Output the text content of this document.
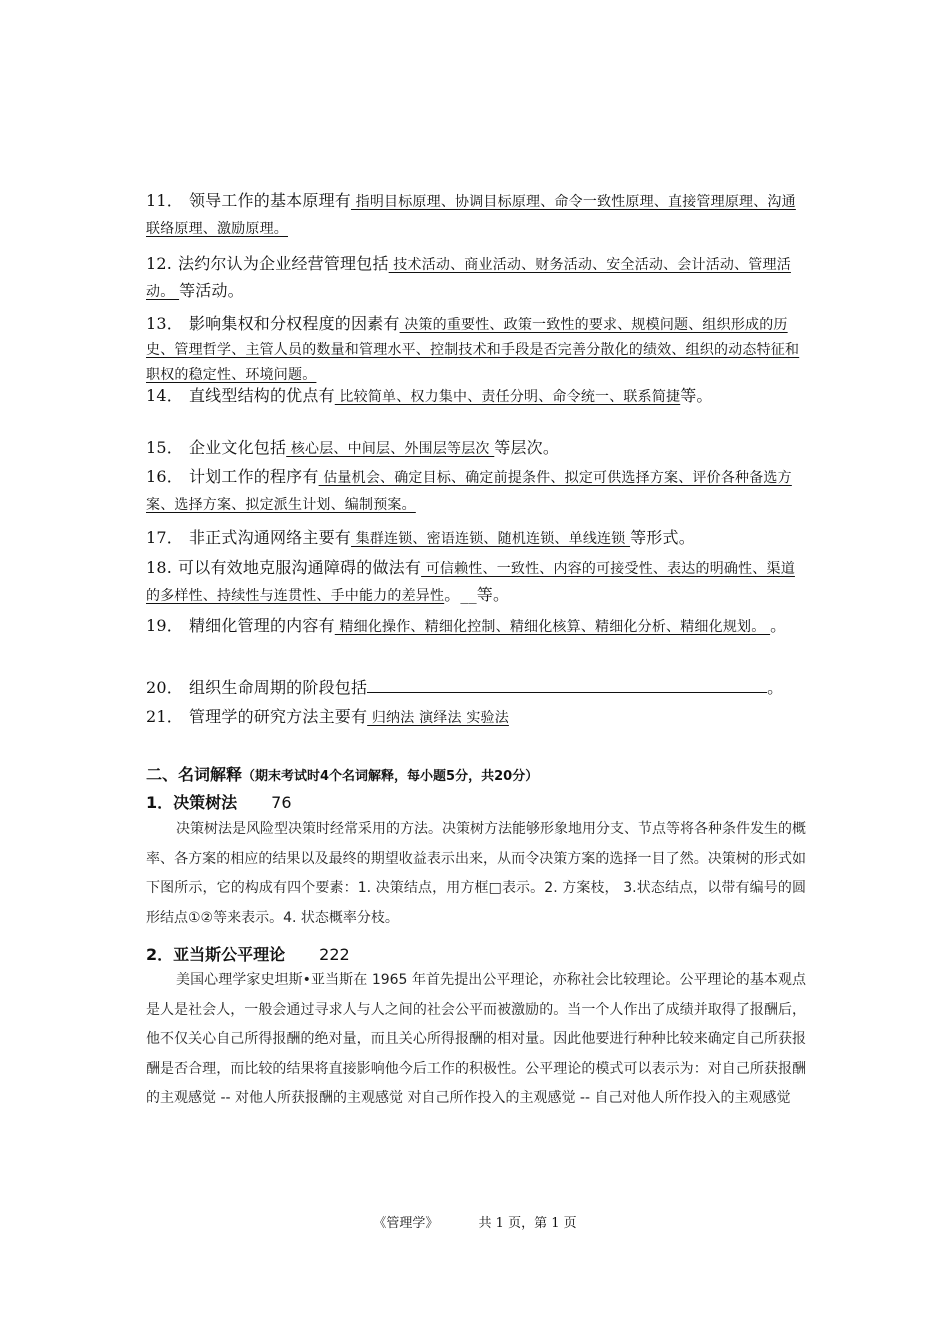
11． 领导工作的基本原理有 指明目标原理、协调目标原理、命令一致性原理、直接管理原理、沟通联络原理、激励原理。
12. 法约尔认为企业经营管理包括 技术活动、商业活动、财务活动、安全活动、会计活动、管理活动。 等活动。
13． 影响集权和分权程度的因素有 决策的重要性、政策一致性的要求、规模问题、组织形成的历史、管理哲学、主管人员的数量和管理水平、控制技术和手段是否完善分散化的绩效、组织的动态特征和职权的稳定性、环境问题。
14． 直线型结构的优点有 比较简单、权力集中、责任分明、命令统一、联系简捷等。
15． 企业文化包括 核心层、中间层、外围层等层次 等层次。
16． 计划工作的程序有 估量机会、确定目标、确定前提条件、拟定可供选择方案、评价各种备选方案、选择方案、拟定派生计划、编制预案。
17． 非正式沟通网络主要有 集群连锁、密语连锁、随机连锁、单线连锁 等形式。
18. 可以有效地克服沟通障碍的做法有 可信赖性、一致性、内容的可接受性、表达的明确性、渠道的多样性、持续性与连贯性、手中能力的差异性。__等。
19． 精细化管理的内容有 精细化操作、精细化控制、精细化核算、精细化分析、精细化规划。 。
20． 组织生命周期的阶段包括	。
21． 管理学的研究方法主要有 归纳法 演绎法 实验法
二、名词解释（期末考试时4个名词解释，每小题5分，共20分）
1．决策树法 76
决策树法是风险型决策时经常采用的方法。决策树方法能够形象地用分支、节点等将各种条件发生的概率、各方案的相应的结果以及最终的期望收益表示出来，从而令决策方案的选择一目了然。决策树的形式如下图所示，它的构成有四个要素：1. 决策结点，用方框□表示。2. 方案枝， 3.状态结点，以带有编号的圆形结点①②等来表示。4. 状态概率分枝。
2．亚当斯公平理论 222
美国心理学家史坦斯•亚当斯在 1965 年首先提出公平理论，亦称社会比较理论。公平理论的基本观点是人是社会人，一般会通过寻求人与人之间的社会公平而被激励的。当一个人作出了成绩并取得了报酬后，他不仅关心自己所得报酬的绝对量，而且关心所得报酬的相对量。因此他要进行种种比较来确定自己所获报酬是否合理，而比较的结果将直接影响他今后工作的积极性。公平理论的模式可以表示为：对自己所获报酬的主观感觉 -- 对他人所获报酬的主观感觉 对自己所作投入的主观感觉 -- 自己对他人所作投入的主观感觉
《管理学》	共 1 页，第 1 页
